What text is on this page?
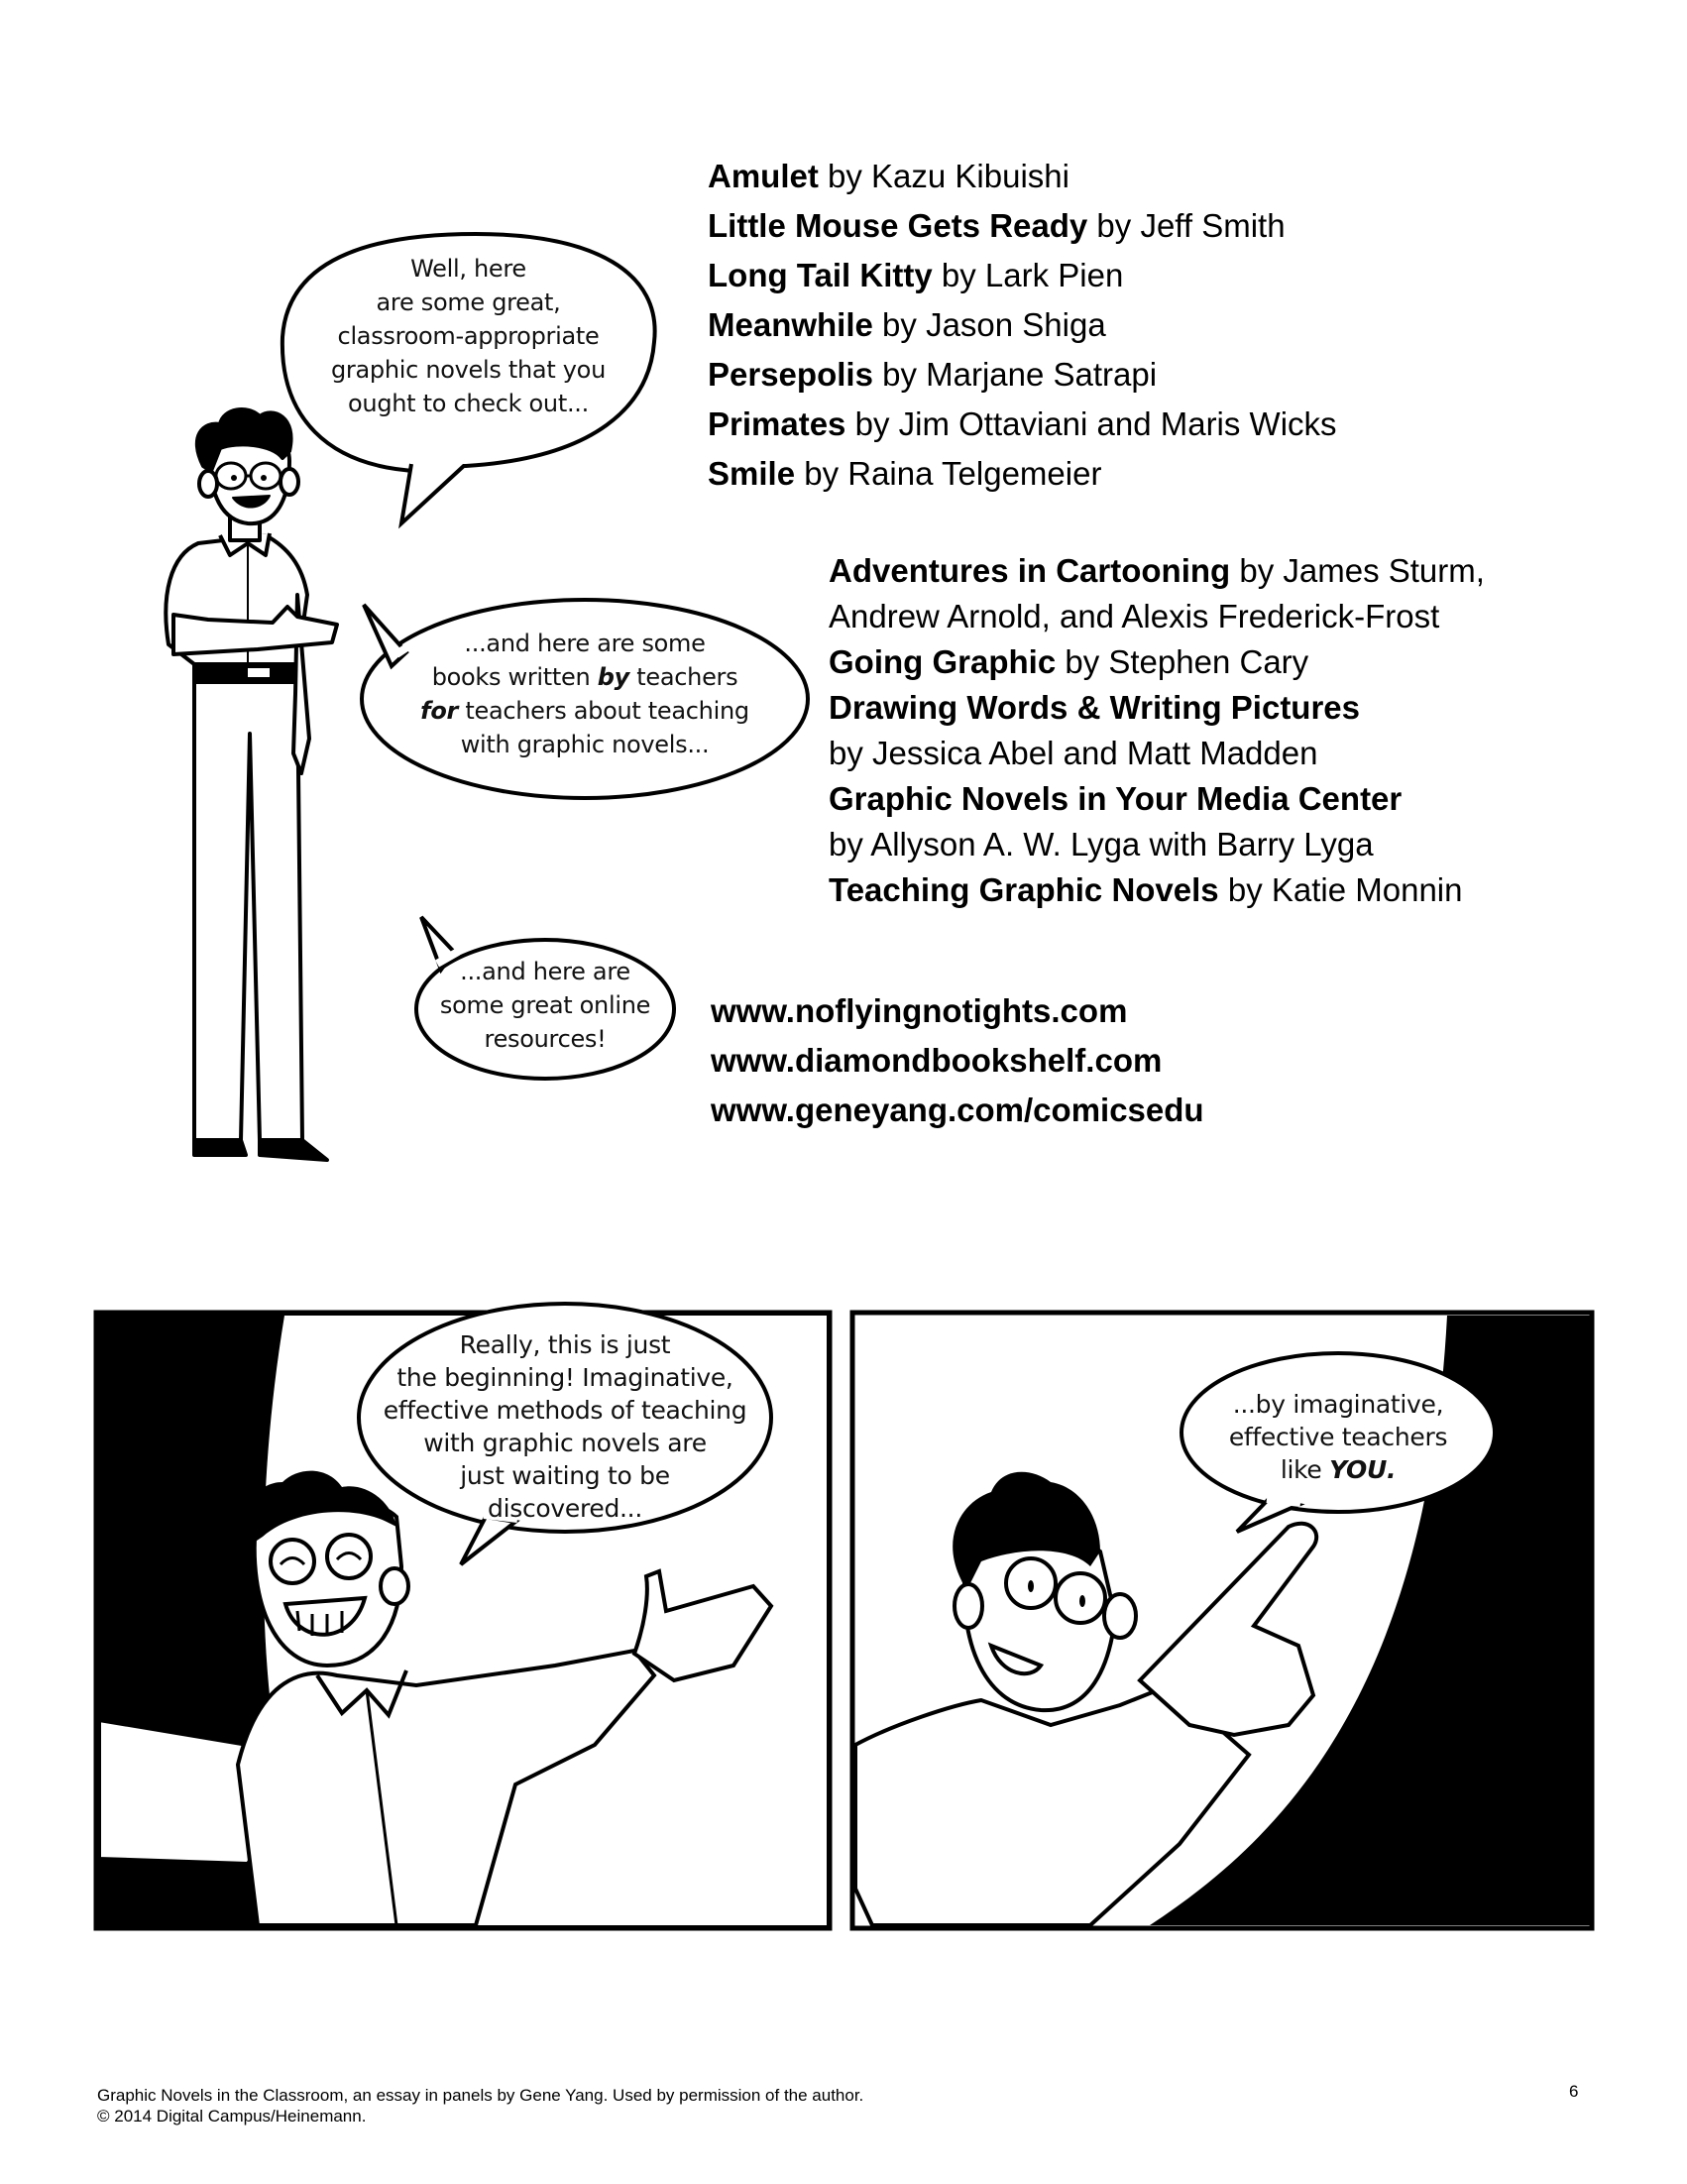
Well, here
are some great,
classroom-appropriate
graphic novels that you
ought to check out...
...and here are some
books written by teachers
for teachers about teaching
with graphic novels...
...and here are
some great online
resources!
Amulet by Kazu Kibuishi
Little Mouse Gets Ready by Jeff Smith
Long Tail Kitty by Lark Pien
Meanwhile by Jason Shiga
Persepolis by Marjane Satrapi
Primates by Jim Ottaviani and Maris Wicks
Smile by Raina Telgemeier
Adventures in Cartooning by James Sturm,
Andrew Arnold, and Alexis Frederick-Frost
Going Graphic by Stephen Cary
Drawing Words & Writing Pictures
by Jessica Abel and Matt Madden
Graphic Novels in Your Media Center
by Allyson A. W. Lyga with Barry Lyga
Teaching Graphic Novels by Katie Monnin
www.noflyingnotights.com
www.diamondbookshelf.com
www.geneyang.com/comicsedu
Really, this is just
the beginning! Imaginative,
effective methods of teaching
with graphic novels are
just waiting to be
discovered...
...by imaginative,
effective teachers
like YOU.
Graphic Novels in the Classroom, an essay in panels by Gene Yang. Used by permission of the author.
© 2014 Digital Campus/Heinemann.
6
